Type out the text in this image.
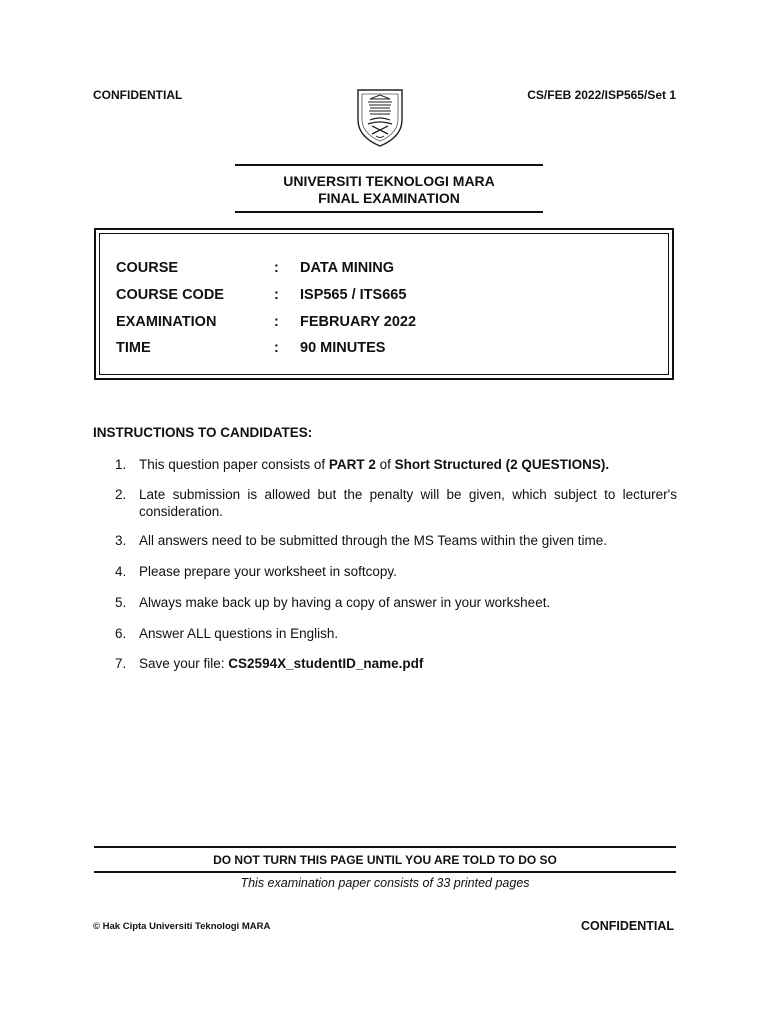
CONFIDENTIAL	CS/FEB 2022/ISP565/Set 1
UNIVERSITI TEKNOLOGI MARA
FINAL EXAMINATION
COURSE	: DATA MINING
COURSE CODE	: ISP565 / ITS665
EXAMINATION	: FEBRUARY 2022
TIME	: 90 MINUTES
INSTRUCTIONS TO CANDIDATES:
1. This question paper consists of PART 2 of Short Structured (2 QUESTIONS).
2. Late submission is allowed but the penalty will be given, which subject to lecturer's consideration.
3. All answers need to be submitted through the MS Teams within the given time.
4. Please prepare your worksheet in softcopy.
5. Always make back up by having a copy of answer in your worksheet.
6. Answer ALL questions in English.
7. Save your file: CS2594X_studentID_name.pdf
DO NOT TURN THIS PAGE UNTIL YOU ARE TOLD TO DO SO
This examination paper consists of 33 printed pages
© Hak Cipta Universiti Teknologi MARA	CONFIDENTIAL
